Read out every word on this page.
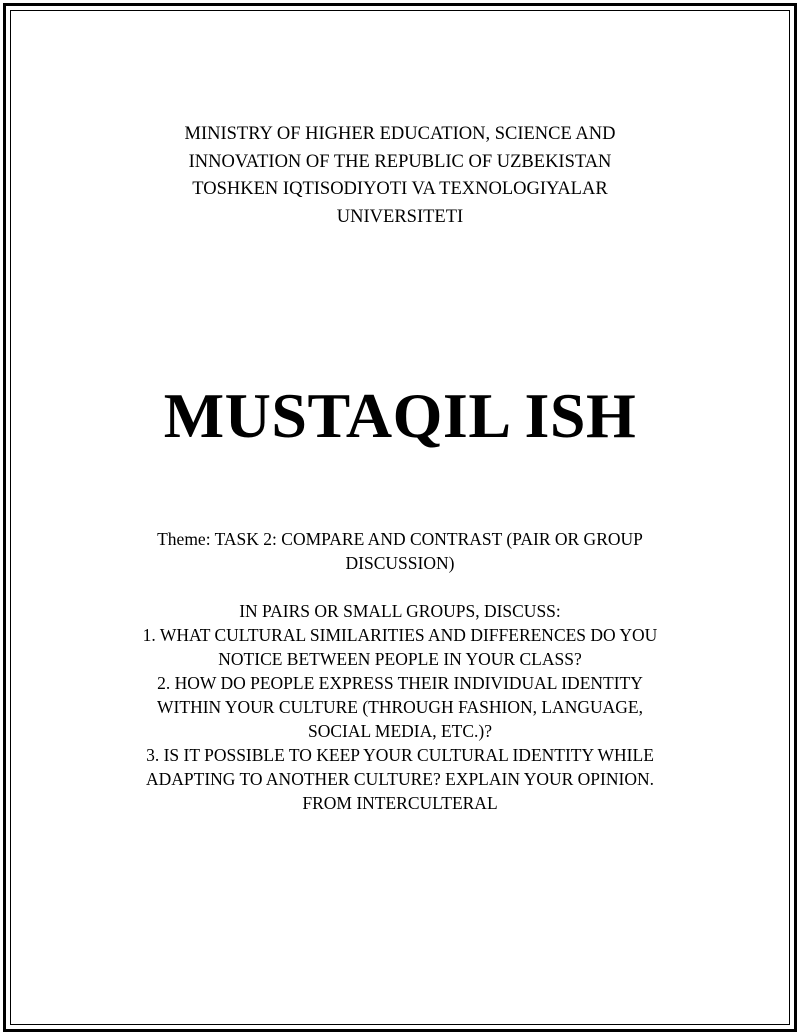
MINISTRY OF HIGHER EDUCATION, SCIENCE AND
INNOVATION OF THE REPUBLIC OF UZBEKISTAN
TOSHKEN IQTISODIYOTI VA TEXNOLOGIYALAR
UNIVERSITETI
MUSTAQIL ISH
Theme: TASK 2: COMPARE AND CONTRAST (PAIR OR GROUP
DISCUSSION)
IN PAIRS OR SMALL GROUPS, DISCUSS:
1. WHAT CULTURAL SIMILARITIES AND DIFFERENCES DO YOU
NOTICE BETWEEN PEOPLE IN YOUR CLASS?
2. HOW DO PEOPLE EXPRESS THEIR INDIVIDUAL IDENTITY
WITHIN YOUR CULTURE (THROUGH FASHION, LANGUAGE,
SOCIAL MEDIA, ETC.)?
3. IS IT POSSIBLE TO KEEP YOUR CULTURAL IDENTITY WHILE
ADAPTING TO ANOTHER CULTURE? EXPLAIN YOUR OPINION.
FROM INTERCULTERAL
